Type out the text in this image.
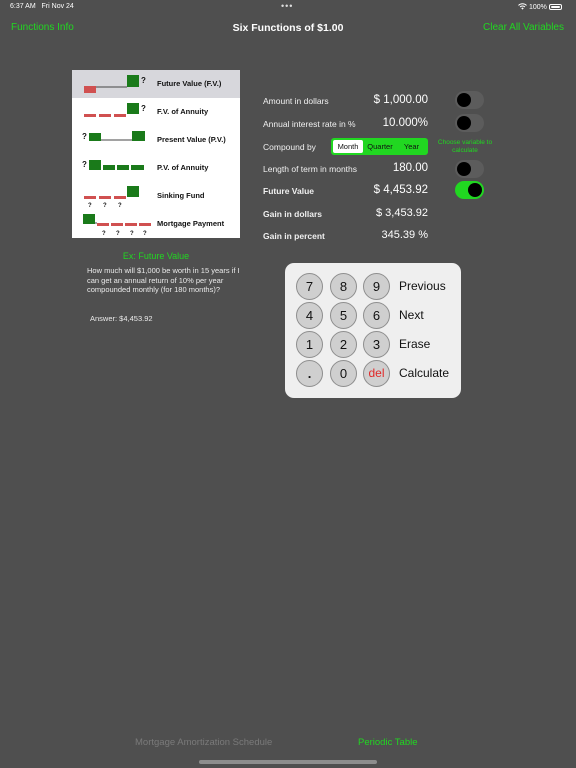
6:37 AM Fri Nov 24	•••	100%
Functions Info	Six Functions of $1.00	Clear All Variables
? Future Value (F.V.)
? F.V. of Annuity
?	Present Value (P.V.)
?	P.V. of Annuity
? ? ?
Sinking Fund
? ? ? ?
Mortgage Payment
Ex: Future Value
How much will $1,000 be worth in 15 years if I can get an annual return of 10% per year compounded monthly (for 180 months)?
Answer: $4,453.92
Amount in dollars	$ 1,000.00
Annual interest rate in % 10.000%
Compound by	Month	Quarter	Year	Choose variable to calculate
Length of term in months	180.00
Future Value	$ 4,453.92
Gain in dollars	$ 3,453.92
Gain in percent	345.39 %
7	8	9	Previous
4	5	6	Next
1	2	3	Erase
.	0	del	Calculate
Mortgage Amortization Schedule	Periodic Table
